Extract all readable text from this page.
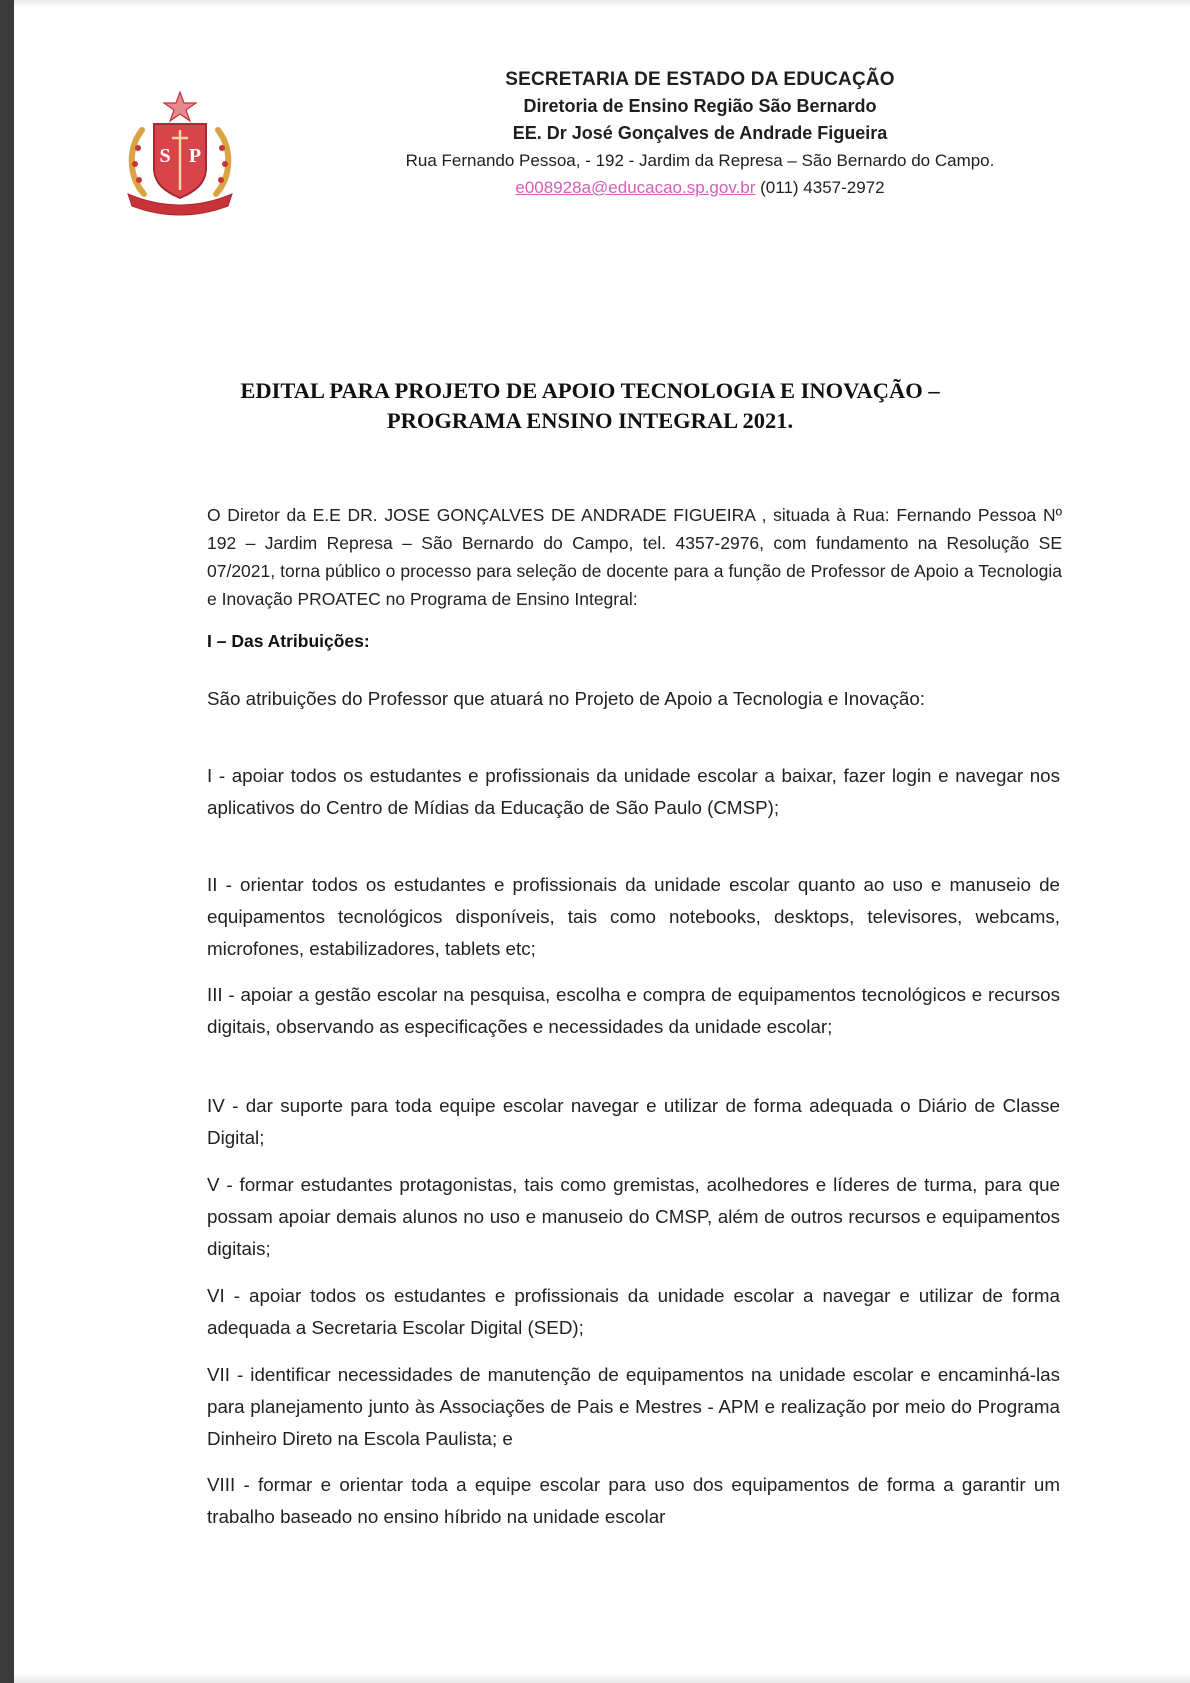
S P
SECRETARIA DE ESTADO DA EDUCAÇÃO
Diretoria de Ensino Região São Bernardo
EE. Dr José Gonçalves de Andrade Figueira
Rua Fernando Pessoa, - 192 - Jardim da Represa – São Bernardo do Campo.
e008928a@educacao.sp.gov.br (011) 4357-2972
EDITAL PARA PROJETO DE APOIO TECNOLOGIA E INOVAÇÃO –
PROGRAMA ENSINO INTEGRAL 2021.
O Diretor da E.E DR. JOSE GONÇALVES DE ANDRADE FIGUEIRA , situada à Rua: Fernando Pessoa Nº 192 – Jardim Represa – São Bernardo do Campo, tel. 4357-2976, com fundamento na Resolução SE 07/2021, torna público o processo para seleção de docente para a função de Professor de Apoio a Tecnologia e Inovação PROATEC no Programa de Ensino Integral:
I – Das Atribuições:
São atribuições do Professor que atuará no Projeto de Apoio a Tecnologia e Inovação:
I - apoiar todos os estudantes e profissionais da unidade escolar a baixar, fazer login e navegar nos aplicativos do Centro de Mídias da Educação de São Paulo (CMSP);
II - orientar todos os estudantes e profissionais da unidade escolar quanto ao uso e manuseio de equipamentos tecnológicos disponíveis, tais como notebooks, desktops, televisores, webcams, microfones, estabilizadores, tablets etc;
III - apoiar a gestão escolar na pesquisa, escolha e compra de equipamentos tecnológicos e recursos digitais, observando as especificações e necessidades da unidade escolar;
IV - dar suporte para toda equipe escolar navegar e utilizar de forma adequada o Diário de Classe Digital;
V - formar estudantes protagonistas, tais como gremistas, acolhedores e líderes de turma, para que possam apoiar demais alunos no uso e manuseio do CMSP, além de outros recursos e equipamentos digitais;
VI - apoiar todos os estudantes e profissionais da unidade escolar a navegar e utilizar de forma adequada a Secretaria Escolar Digital (SED);
VII - identificar necessidades de manutenção de equipamentos na unidade escolar e encaminhá-las para planejamento junto às Associações de Pais e Mestres - APM e realização por meio do Programa Dinheiro Direto na Escola Paulista; e
VIII - formar e orientar toda a equipe escolar para uso dos equipamentos de forma a garantir um trabalho baseado no ensino híbrido na unidade escolar
